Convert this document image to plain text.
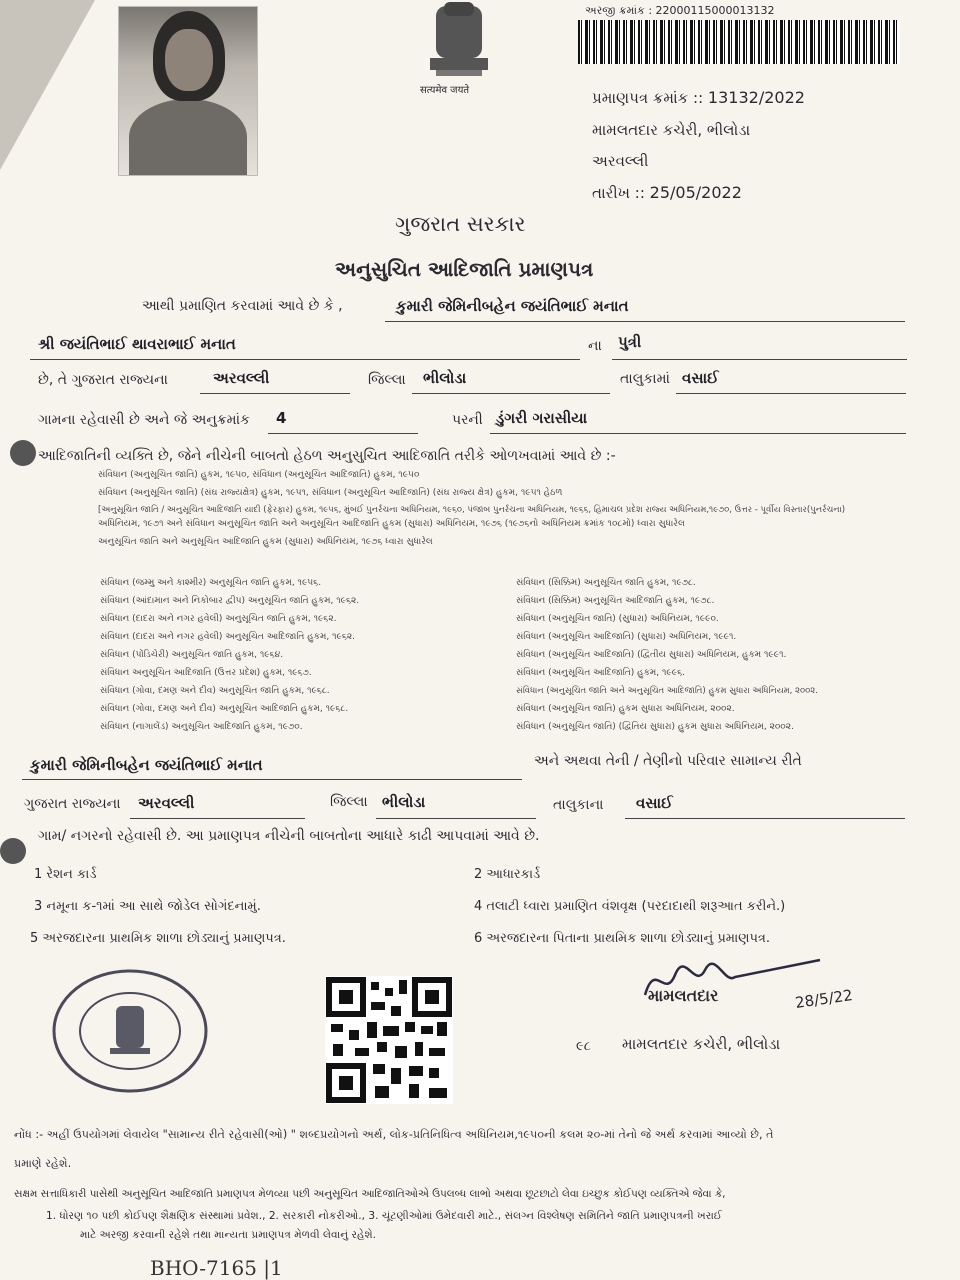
सत्यमेव जयते
અરજી ક્રમાંક : 22000115000013132
પ્રમાણપત્ર ક્રમાંક :: 13132/2022
મામલતદાર કચેરી, ભીલોડા
અરવલ્લી
તારીખ :: 25/05/2022
ગુજરાત સરકાર
અનુસુચિત આદિજાતિ પ્રમાણપત્ર
આથી પ્રમાણિત કરવામાં આવે છે કે ,	કુમારી જેમિનીબહેન જયંતિભાઈ મનાત
શ્રી જયંતિભાઈ થાવરાભાઈ મનાત	ના પુત્રી
છે, તે ગુજરાત રાજ્યના	અરવલ્લી	જિલ્લા ભીલોડા	તાલુકામાં વસાઈ
ગામના રહેવાસી છે અને જે અનુક્રમાંક 4	પરની ડુંગરી ગરાસીયા
આદિજાતિની વ્યક્તિ છે, જેને નીચેની બાબતો હેઠળ અનુસુચિત આદિજાતિ તરીકે ઓળખવામાં આવે છે :-
સંવિધાન (અનુસૂચિત જાતિ) હુકમ, ૧૯૫૦, સંવિધાન (અનુસૂચિત આદિજાતિ) હુકમ, ૧૯૫૦
સંવિધાન (અનુસૂચિત જાતિ) (સંઘ રાજ્યક્ષેત્ર) હુકમ, ૧૯૫૧, સંવિધાન (અનુસૂચિત આદિજાતિ) (સંઘ રાજ્ય ક્ષેત્ર) હુકમ, ૧૯૫૧ હેઠળ
[અનુસૂચિત જાતિ / અનુસૂચિત આદિજાતિ યાદી (ફેરફાર) હુકમ, ૧૯૫૬, મુંબઈ પુનર્રચના અધિનિયમ, ૧૯૬૦, પંજાબ પુનર્રચના અધિનિયમ, ૧૯૬૬, હિમાચલ પ્રદેશ રાજ્ય અધિનિયમ,૧૯૭૦, ઉત્તર - પૂર્વીય વિસ્તાર(પુનર્રચના)
અધિનિયમ, ૧૯૭૧ અને સંવિધાન અનુસૂચિત જાતિ અને અનુસૂચિત આદિજાતિ હુકમ (સુધારા) અધિનિયમ, ૧૯૭૬ (૧૯૭૬નો અધિનિયમ ક્રમાંક ૧૦૮મો) ધ્વારા સુધારેલ
અનુસૂચિત જાતિ અને અનુસૂચિત આદિજાતિ હુકમ (સુધારા) અધિનિયમ, ૧૯૭૬ ધ્વારા સુધારેલ
સંવિધાન (જમ્મુ અને કાશ્મીર) અનુસૂચિત જાતિ હુકમ, ૧૯૫૬.
સંવિધાન (આંદામાન અને નિકોબાર દ્વીપ) અનુસૂચિત જાતિ હુકમ, ૧૯૬૨.
સંવિધાન (દાદરા અને નગર હવેલી) અનુસૂચિત જાતિ હુકમ, ૧૯૬૨.
સંવિધાન (દાદરા અને નગર હવેલી) અનુસૂચિત આદિજાતિ હુકમ, ૧૯૬૨.
સંવિધાન (પોંડિચેરી) અનુસૂચિત જાતિ હુકમ, ૧૯૬૪.
સંવિધાન અનુસૂચિત આદિજાતિ (ઉત્તર પ્રદેશ) હુકમ, ૧૯૬૭.
સંવિધાન (ગોવા, દમણ અને દીવ) અનુસૂચિત જાતિ હુકમ, ૧૯૬૮.
સંવિધાન (ગોવા, દમણ અને દીવ) અનુસૂચિત આદિજાતિ હુકમ, ૧૯૬૮.
સંવિધાન (નાગાલેંડ) અનુસૂચિત આદિજાતિ હુકમ, ૧૯૭૦.
સંવિધાન (સિક્કિમ) અનુસૂચિત જાતિ હુકમ, ૧૯૭૮.
સંવિધાન (સિક્કિમ) અનુસૂચિત આદિજાતિ હુકમ, ૧૯૭૮.
સંવિધાન (અનુસૂચિત જાતિ) (સુધારા) અધિનિયમ, ૧૯૯૦.
સંવિધાન (અનુસૂચિત આદિજાતિ) (સુધારા) અધિનિયમ, ૧૯૯૧.
સંવિધાન (અનુસૂચિત આદિજાતિ) (દ્વિતીય સુધારા) અધિનિયમ, હુકમ ૧૯૯૧.
સંવિધાન (અનુસૂચિત આદિજાતિ) હુકમ, ૧૯૯૬.
સંવિધાન (અનુસૂચિત જાતિ અને અનુસૂચિત આદિજાતિ) હુકમ સુધારા અધિનિયમ, ૨૦૦૨.
સંવિધાન (અનુસૂચિત જાતિ) હુકમ સુધારા અધિનિયમ, ૨૦૦૨.
સંવિધાન (અનુસૂચિત જાતિ) (દ્વિતિય સુધારા) હુકમ સુધારા અધિનિયમ, ૨૦૦૨.
કુમારી જેમિનીબહેન જયંતિભાઈ મનાત	અને અથવા તેની / તેણીનો પરિવાર સામાન્ય રીતે
ગુજરાત રાજ્યના અરવલ્લી	જિલ્લા ભીલોડા	તાલુકાના વસાઈ
ગામ/ નગરનો રહેવાસી છે. આ પ્રમાણપત્ર નીચેની બાબતોના આધારે કાઢી આપવામાં આવે છે.
1 રેશન કાર્ડ
3 નમૂના ક-૧માં આ સાથે જોડેલ સોગંદનામું.
5 અરજદારના પ્રાથમિક શાળા છોડ્યાનું પ્રમાણપત્ર.
2 આધારકાર્ડ
4 તલાટી ધ્વારા પ્રમાણિત વંશવૃક્ષ (પરદાદાથી શરૂઆત કરીને.)
6 અરજદારના પિતાના પ્રાથમિક શાળા છોડ્યાનું પ્રમાણપત્ર.
28/5/22
મામલતદાર
૯૮ મામલતદાર કચેરી, ભીલોડા
નોંધ :- અહીં ઉપયોગમાં લેવાયેલ "સામાન્ય રીતે રહેવાસી(ઓ) " શબ્દપ્રયોગનો અર્થ, લોક-પ્રતિનિધિત્વ અધિનિયમ,૧૯૫૦ની કલમ ૨૦-માં તેનો જે અર્થ કરવામાં આવ્યો છે, તે
પ્રમાણે રહેશે.
સક્ષમ સત્તાધિકારી પાસેથી અનુસૂચિત આદિજાતિ પ્રમાણપત્ર મેળવ્યા પછી અનુસૂચિત આદિજાતિઓએ ઉપલબ્ધ લાભો અથવા છૂટછાટો લેવા ઇચ્છુક કોઈપણ વ્યક્તિએ જેવા કે,
1. ધોરણ ૧૦ પછી કોઈપણ શૈક્ષણિક સંસ્થામાં પ્રવેશ., 2. સરકારી નોકરીઓ., 3. ચૂંટણીઓમાં ઉમેદવારી માટે., સંલગ્ન વિશ્લેષણ સમિતિને જાતિ પ્રમાણપત્રની ખરાઈ
માટે અરજી કરવાની રહેશે તથા માન્યતા પ્રમાણપત્ર મેળવી લેવાનું રહેશે.
BHO-7165 |1
